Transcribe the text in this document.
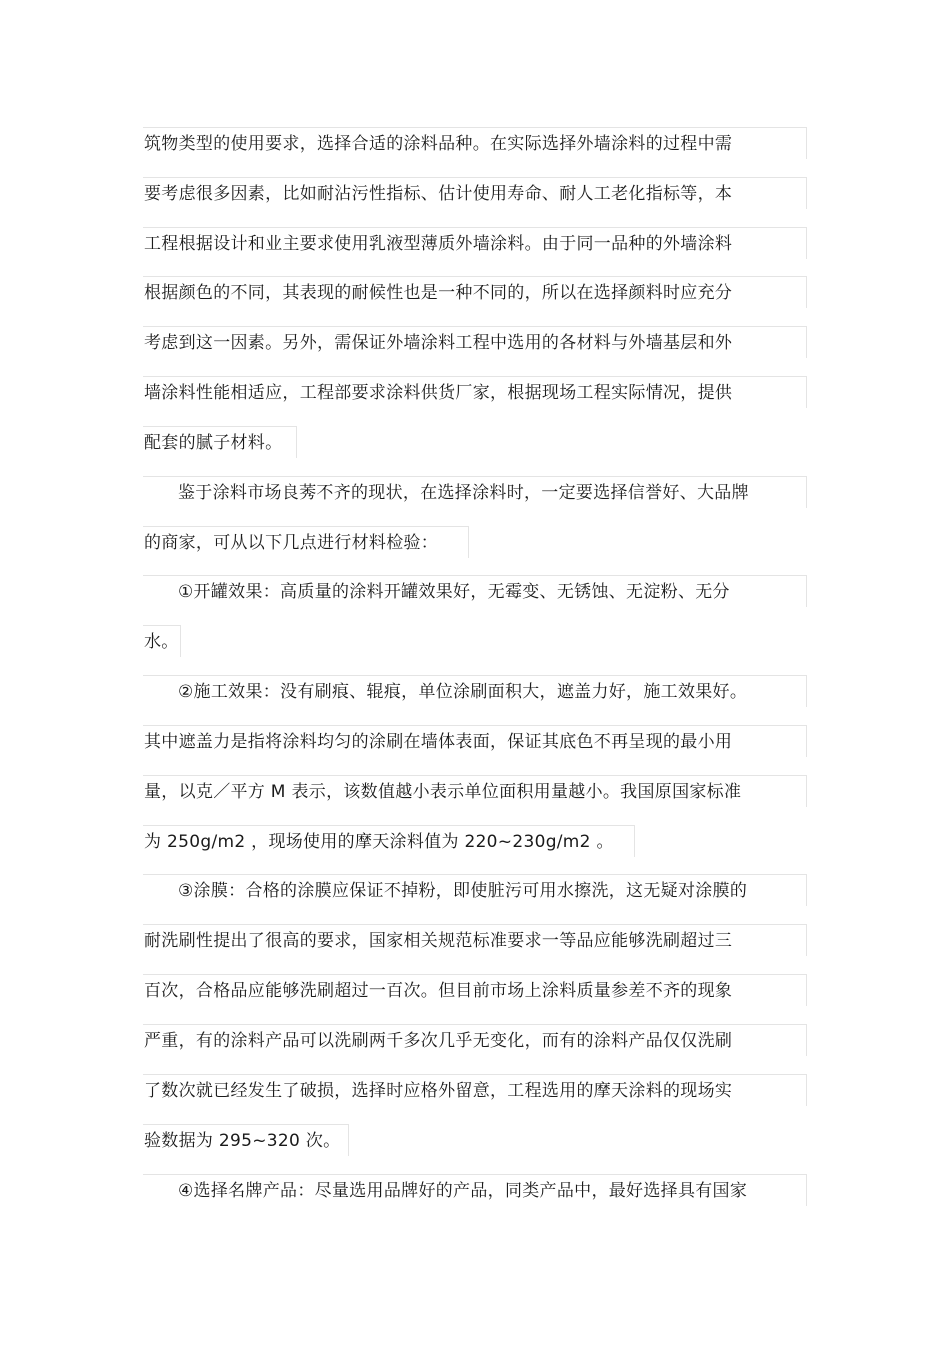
筑物类型的使用要求，选择合适的涂料品种。在实际选择外墙涂料的过程中需
要考虑很多因素，比如耐沾污性指标、估计使用寿命、耐人工老化指标等，本
工程根据设计和业主要求使用乳液型薄质外墙涂料。由于同一品种的外墙涂料
根据颜色的不同，其表现的耐候性也是一种不同的，所以在选择颜料时应充分
考虑到这一因素。另外，需保证外墙涂料工程中选用的各材料与外墙基层和外
墙涂料性能相适应，工程部要求涂料供货厂家，根据现场工程实际情况，提供
配套的腻子材料。
鉴于涂料市场良莠不齐的现状，在选择涂料时，一定要选择信誉好、大品牌
的商家，可从以下几点进行材料检验：
①开罐效果：高质量的涂料开罐效果好，无霉变、无锈蚀、无淀粉、无分
水。
②施工效果：没有刷痕、辊痕，单位涂刷面积大，遮盖力好，施工效果好。
其中遮盖力是指将涂料均匀的涂刷在墙体表面，保证其底色不再呈现的最小用
量，以克／平方 M 表示，该数值越小表示单位面积用量越小。我国原国家标准
为 250g/m2 ，现场使用的摩天涂料值为 220~230g/m2 。
③涂膜：合格的涂膜应保证不掉粉，即使脏污可用水擦洗，这无疑对涂膜的
耐洗刷性提出了很高的要求，国家相关规范标准要求一等品应能够洗刷超过三
百次，合格品应能够洗刷超过一百次。但目前市场上涂料质量参差不齐的现象
严重，有的涂料产品可以洗刷两千多次几乎无变化，而有的涂料产品仅仅洗刷
了数次就已经发生了破损，选择时应格外留意，工程选用的摩天涂料的现场实
验数据为 295~320 次。
④选择名牌产品：尽量选用品牌好的产品，同类产品中，最好选择具有国家
